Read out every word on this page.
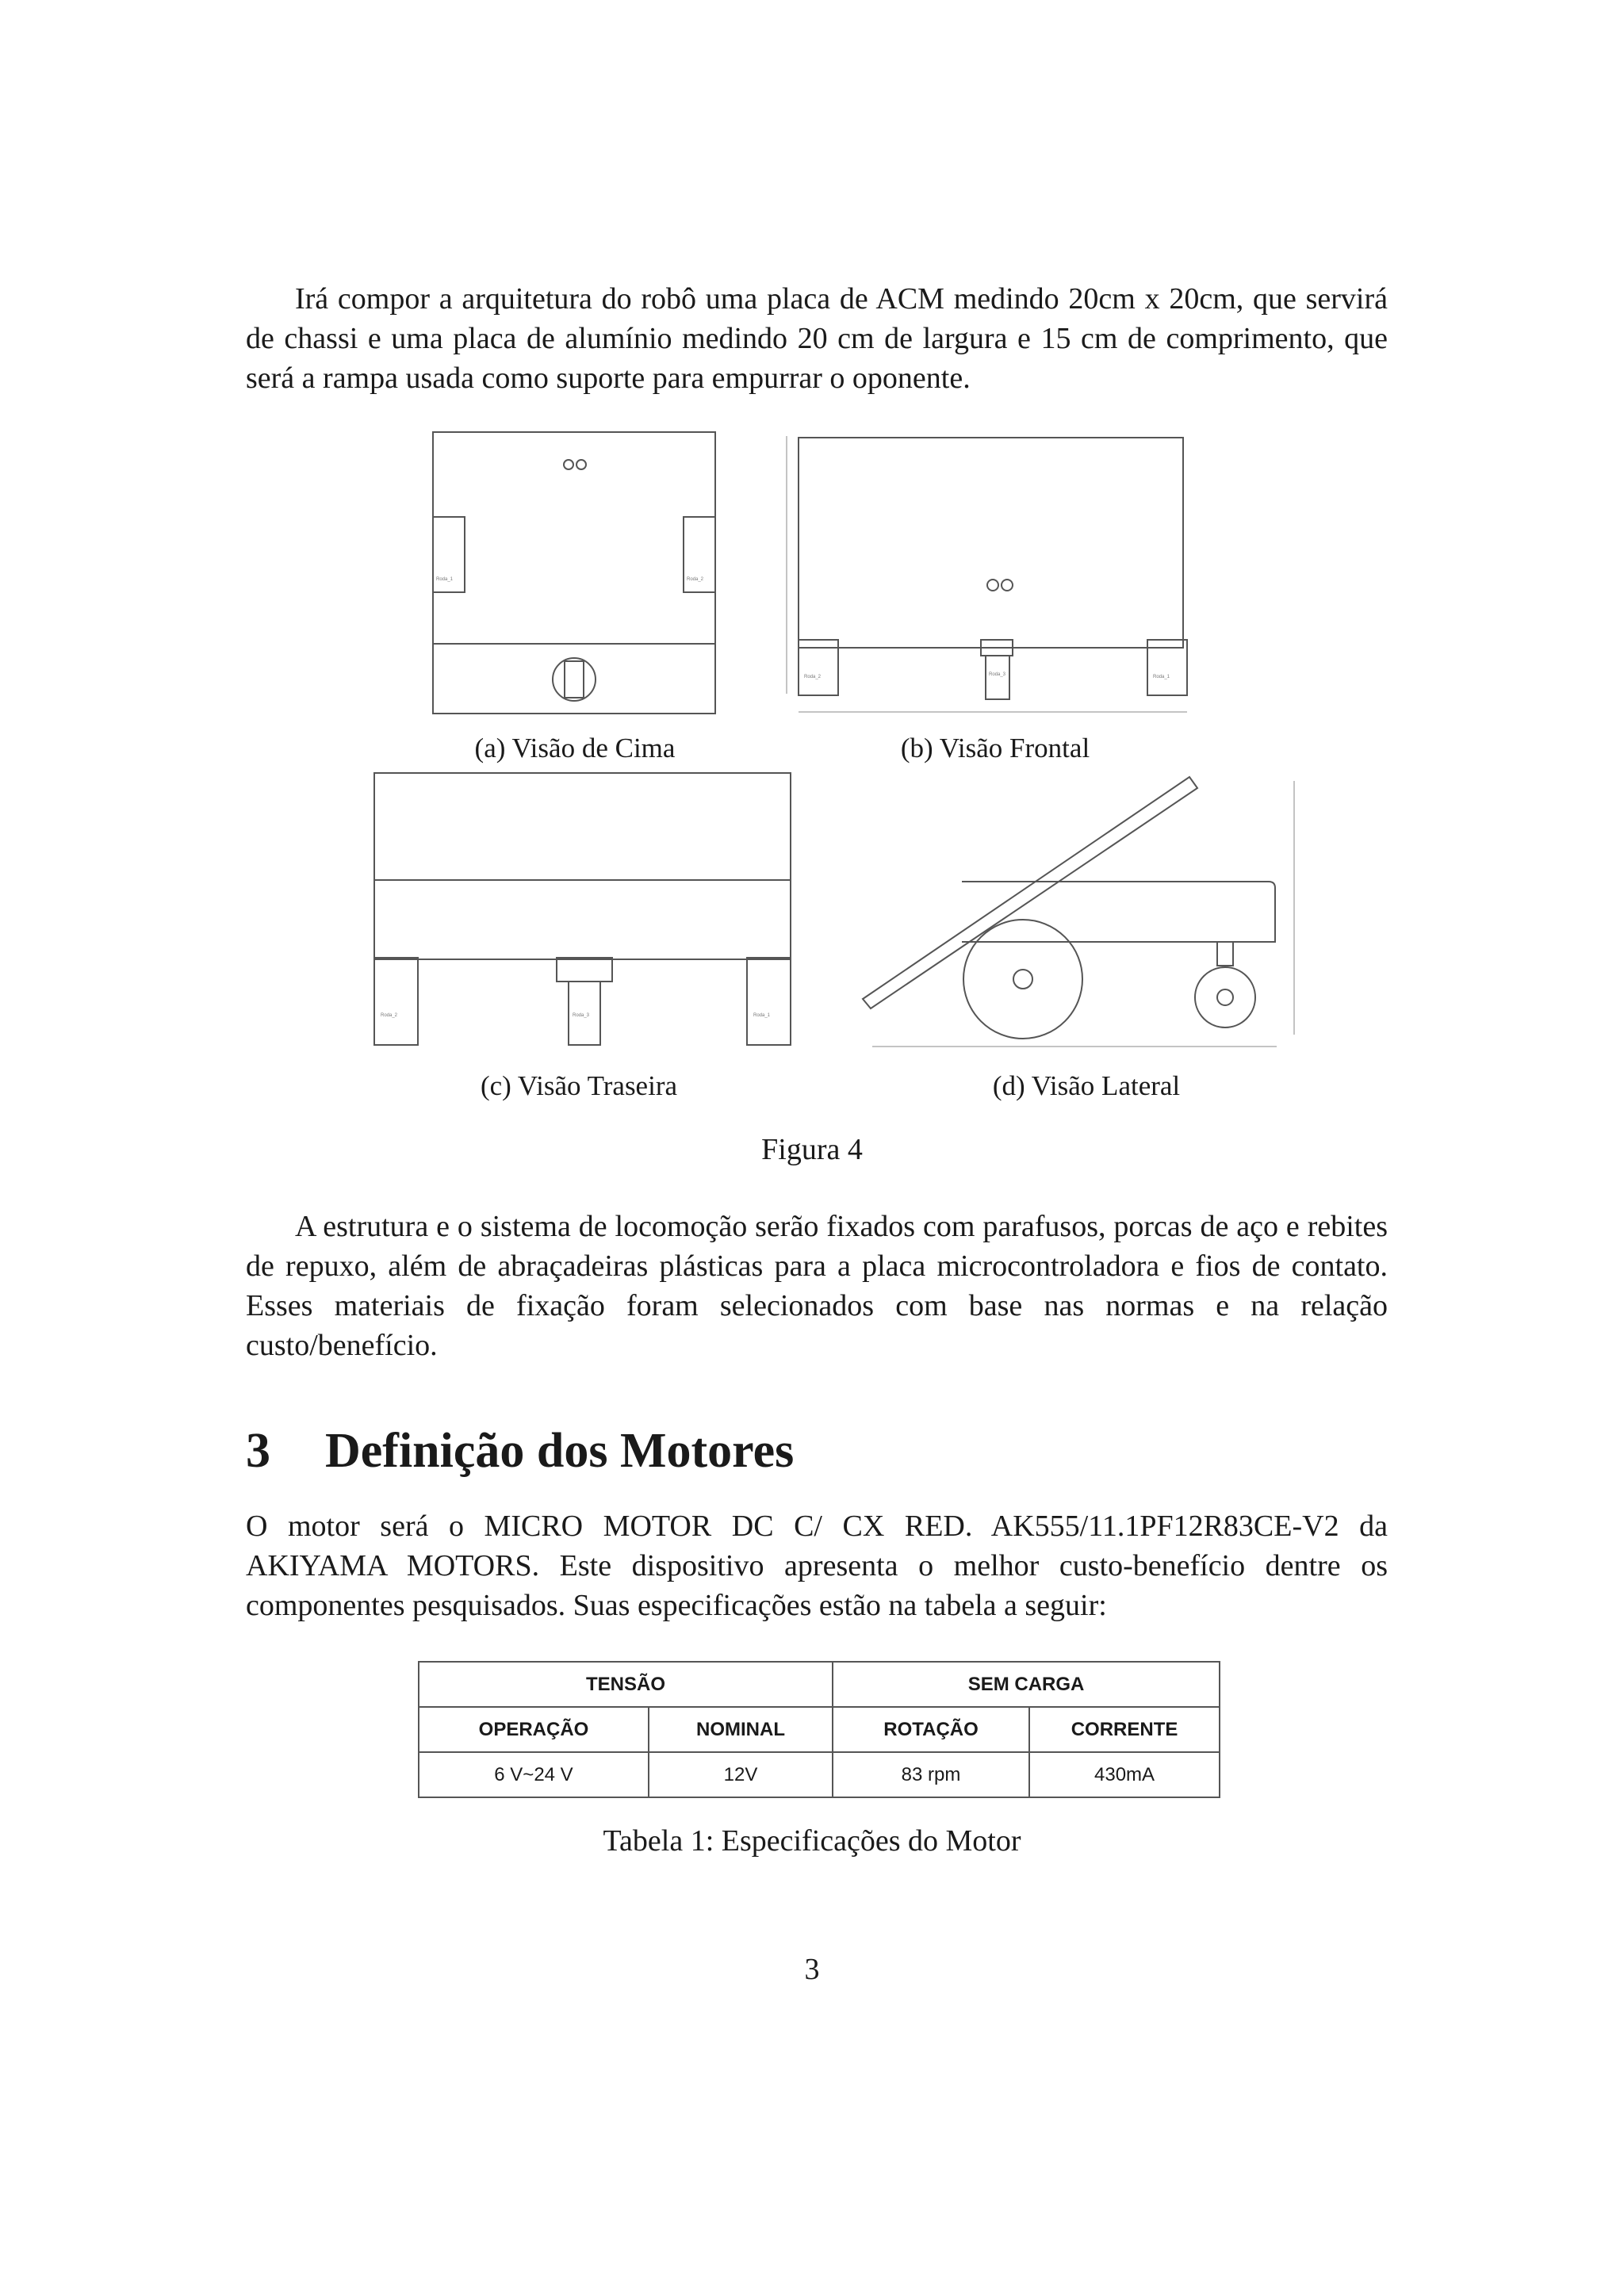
Irá compor a arquitetura do robô uma placa de ACM medindo 20cm x 20cm, que servirá de chassi e uma placa de alumínio medindo 20 cm de largura e 15 cm de comprimento, que será a rampa usada como suporte para empurrar o oponente.

Roda_1	Roda_2
Roda_2	Roda_3	Roda_1
(a) Visão de Cima	(b) Visão Frontal
Roda_2	Roda_3	Roda_1
(c) Visão Traseira	(d) Visão Lateral
Figura 4

A estrutura e o sistema de locomoção serão fixados com parafusos, porcas de aço e rebites de repuxo, além de abraçadeiras plásticas para a placa microcontroladora e fios de contato. Esses materiais de fixação foram selecionados com base nas normas e na relação custo/benefício.

3 Definição dos Motores

O motor será o MICRO MOTOR DC C/ CX RED. AK555/11.1PF12R83CE-V2 da AKIYAMA MOTORS. Este dispositivo apresenta o melhor custo-benefício dentre os componentes pesquisados. Suas especificações estão na tabela a seguir:

TENSÃO		SEM CARGA	
OPERAÇÃO	NOMINAL	ROTAÇÃO	CORRENTE
6 V~24 V	12V	83 rpm	430mA
Tabela 1: Especificações do Motor
3
